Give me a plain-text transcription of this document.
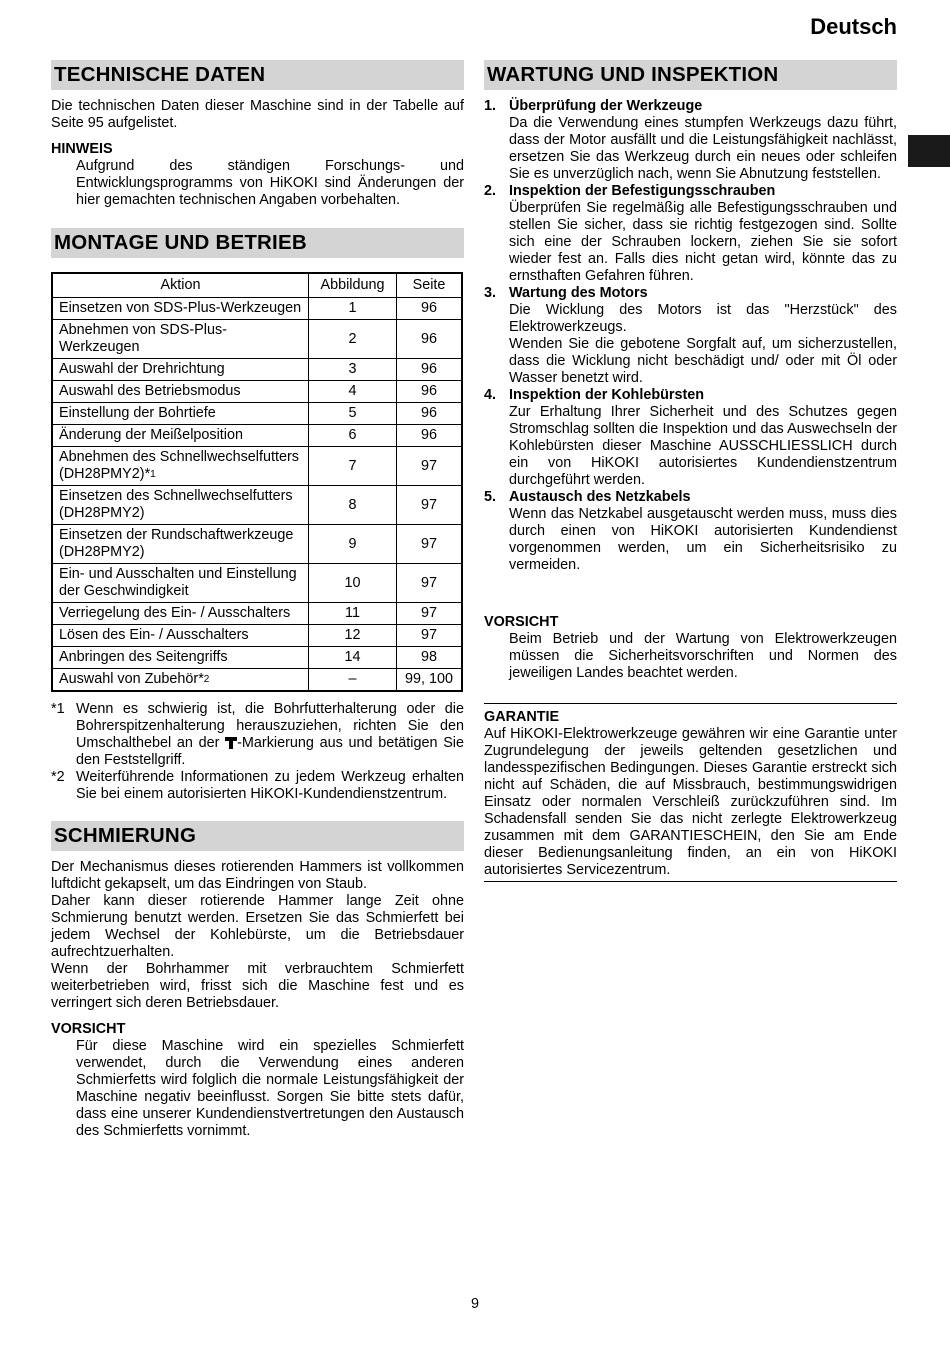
Deutsch
TECHNISCHE DATEN

Die technischen Daten dieser Maschine sind in der Tabelle auf Seite 95 aufgelistet.

HINWEIS
Aufgrund des ständigen Forschungs- und Entwicklungsprogramms von HiKOKI sind Änderungen der hier gemachten technischen Angaben vorbehalten.
MONTAGE UND BETRIEB
Aktion	Abbildung	Seite
Einsetzen von SDS-Plus-Werkzeugen	1	96
Abnehmen von SDS-Plus-Werkzeugen	2	96
Auswahl der Drehrichtung	3	96
Auswahl des Betriebsmodus	4	96
Einstellung der Bohrtiefe	5	96
Änderung der Meißelposition	6	96
Abnehmen des Schnellwechselfutters (DH28PMY2)*1	7	97
Einsetzen des Schnellwechselfutters (DH28PMY2)	8	97
Einsetzen der Rundschaftwerkzeuge (DH28PMY2)	9	97
Ein- und Ausschalten und Einstellung der Geschwindigkeit	10	97
Verriegelung des Ein- / Ausschalters	11	97
Lösen des Ein- / Ausschalters	12	97
Anbringen des Seitengriffs	14	98
Auswahl von Zubehör*2	–	99, 100
*1 Wenn es schwierig ist, die Bohrfutterhalterung oder die Bohrerspitzenhalterung herauszuziehen, richten Sie den Umschalthebel an der -Markierung aus und betätigen Sie den Feststellgriff.
*2 Weiterführende Informationen zu jedem Werkzeug erhalten Sie bei einem autorisierten HiKOKI-Kundendienstzentrum.
SCHMIERUNG

Der Mechanismus dieses rotierenden Hammers ist vollkommen luftdicht gekapselt, um das Eindringen von Staub.

Daher kann dieser rotierende Hammer lange Zeit ohne Schmierung benutzt werden. Ersetzen Sie das Schmierfett bei jedem Wechsel der Kohlebürste, um die Betriebsdauer aufrechtzuerhalten.

Wenn der Bohrhammer mit verbrauchtem Schmierfett weiterbetrieben wird, frisst sich die Maschine fest und es verringert sich deren Betriebsdauer.

VORSICHT
Für diese Maschine wird ein spezielles Schmierfett verwendet, durch die Verwendung eines anderen Schmierfetts wird folglich die normale Leistungsfähigkeit der Maschine negativ beeinflusst. Sorgen Sie bitte stets dafür, dass eine unserer Kundendienstvertretungen den Austausch des Schmierfetts vornimmt.
WARTUNG UND INSPEKTION
1. Überprüfung der Werkzeuge
Da die Verwendung eines stumpfen Werkzeugs dazu führt, dass der Motor ausfällt und die Leistungsfähigkeit nachlässt, ersetzen Sie das Werkzeug durch ein neues oder schleifen Sie es unverzüglich nach, wenn Sie Abnutzung feststellen.
2. Inspektion der Befestigungsschrauben
Überprüfen Sie regelmäßig alle Befestigungsschrauben und stellen Sie sicher, dass sie richtig festgezogen sind. Sollte sich eine der Schrauben lockern, ziehen Sie sie sofort wieder fest an. Falls dies nicht getan wird, könnte das zu ernsthaften Gefahren führen.
3. Wartung des Motors
Die Wicklung des Motors ist das "Herzstück" des Elektrowerkzeugs.
Wenden Sie die gebotene Sorgfalt auf, um sicherzustellen, dass die Wicklung nicht beschädigt und/ oder mit Öl oder Wasser benetzt wird.
4. Inspektion der Kohlebürsten
Zur Erhaltung Ihrer Sicherheit und des Schutzes gegen Stromschlag sollten die Inspektion und das Auswechseln der Kohlebürsten dieser Maschine AUSSCHLIESSLICH durch ein von HiKOKI autorisiertes Kundendienstzentrum durchgeführt werden.
5. Austausch des Netzkabels
Wenn das Netzkabel ausgetauscht werden muss, muss dies durch einen von HiKOKI autorisierten Kundendienst vorgenommen werden, um ein Sicherheitsrisiko zu vermeiden.
VORSICHT
Beim Betrieb und der Wartung von Elektrowerkzeugen müssen die Sicherheitsvorschriften und Normen des jeweiligen Landes beachtet werden.
GARANTIE

Auf HiKOKI-Elektrowerkzeuge gewähren wir eine Garantie unter Zugrundelegung der jeweils geltenden gesetzlichen und landesspezifischen Bedingungen. Dieses Garantie erstreckt sich nicht auf Schäden, die auf Missbrauch, bestimmungswidrigen Einsatz oder normalen Verschleiß zurückzuführen sind. Im Schadensfall senden Sie das nicht zerlegte Elektrowerkzeug zusammen mit dem GARANTIESCHEIN, den Sie am Ende dieser Bedienungsanleitung finden, an ein von HiKOKI autorisiertes Servicezentrum.

9
